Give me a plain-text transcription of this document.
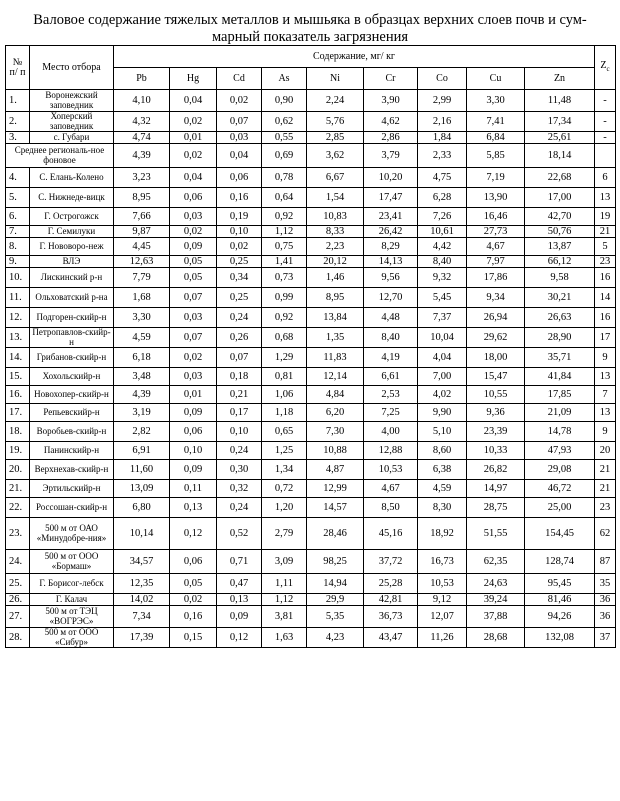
Валовое содержание тяжелых металлов и мышьяка в образцах верхних слоев почв и сум-
марный показатель загрязнения
№ п/ п	Место отбора	Содержание, мг/ кг									$Z_c$
		Pb	Hg	Cd	As	Ni	Cr	Co	Cu	Zn	
1.	Воронежский заповедник	4,10	0,04	0,02	0,90	2,24	3,90	2,99	3,30	11,48	-
2.	Хоперский заповедник	4,32	0,02	0,07	0,62	5,76	4,62	2,16	7,41	17,34	-
3.	с. Губари	4,74	0,01	0,03	0,55	2,85	2,86	1,84	6,84	25,61	-
Среднее региональ-ное фоновое		4,39	0,02	0,04	0,69	3,62	3,79	2,33	5,85	18,14	
4.	С. Елань-Колено	3,23	0,04	0,06	0,78	6,67	10,20	4,75	7,19	22,68	6
5.	С. Нижнеде-вицк	8,95	0,06	0,16	0,64	1,54	17,47	6,28	13,90	17,00	13
6.	Г. Острогожск	7,66	0,03	0,19	0,92	10,83	23,41	7,26	16,46	42,70	19
7.	Г. Семилуки	9,87	0,02	0,10	1,12	8,33	26,42	10,61	27,73	50,76	21
8.	Г. Нововоро-неж	4,45	0,09	0,02	0,75	2,23	8,29	4,42	4,67	13,87	5
9.	ВЛЭ	12,63	0,05	0,25	1,41	20,12	14,13	8,40	7,97	66,12	23
10.	Лискинский р-н	7,79	0,05	0,34	0,73	1,46	9,56	9,32	17,86	9,58	16
11.	Ольховатский р-на	1,68	0,07	0,25	0,99	8,95	12,70	5,45	9,34	30,21	14
12.	Подгорен-скийр-н	3,30	0,03	0,24	0,92	13,84	4,48	7,37	26,94	26,63	16
13.	Петропавлов-скийр-н	4,59	0,07	0,26	0,68	1,35	8,40	10,04	29,62	28,90	17
14.	Грибанов-скийр-н	6,18	0,02	0,07	1,29	11,83	4,19	4,04	18,00	35,71	9
15.	Хохольскийр-н	3,48	0,03	0,18	0,81	12,14	6,61	7,00	15,47	41,84	13
16.	Новохопер-скийр-н	4,39	0,01	0,21	1,06	4,84	2,53	4,02	10,55	17,85	7
17.	Репьевскийр-н	3,19	0,09	0,17	1,18	6,20	7,25	9,90	9,36	21,09	13
18.	Воробьев-скийр-н	2,82	0,06	0,10	0,65	7,30	4,00	5,10	23,39	14,78	9
19.	Панинскийр-н	6,91	0,10	0,24	1,25	10,88	12,88	8,60	10,33	47,93	20
20.	Верхнехав-скийр-н	11,60	0,09	0,30	1,34	4,87	10,53	6,38	26,82	29,08	21
21.	Эртильскийр-н	13,09	0,11	0,32	0,72	12,99	4,67	4,59	14,97	46,72	21
22.	Россошан-скийр-н	6,80	0,13	0,24	1,20	14,57	8,50	8,30	28,75	25,00	23
23.	500 м от ОАО «Минудобре-ния»	10,14	0,12	0,52	2,79	28,46	45,16	18,92	51,55	154,45	62
24.	500 м от ООО «Бормаш»	34,57	0,06	0,71	3,09	98,25	37,72	16,73	62,35	128,74	87
25.	Г. Борисог-лебск	12,35	0,05	0,47	1,11	14,94	25,28	10,53	24,63	95,45	35
26.	Г. Калач	14,02	0,02	0,13	1,12	29,9	42,81	9,12	39,24	81,46	36
27.	500 м от ТЭЦ «ВОГРЭС»	7,34	0,16	0,09	3,81	5,35	36,73	12,07	37,88	94,26	36
28.	500 м от ООО «Сибур»	17,39	0,15	0,12	1,63	4,23	43,47	11,26	28,68	132,08	37
